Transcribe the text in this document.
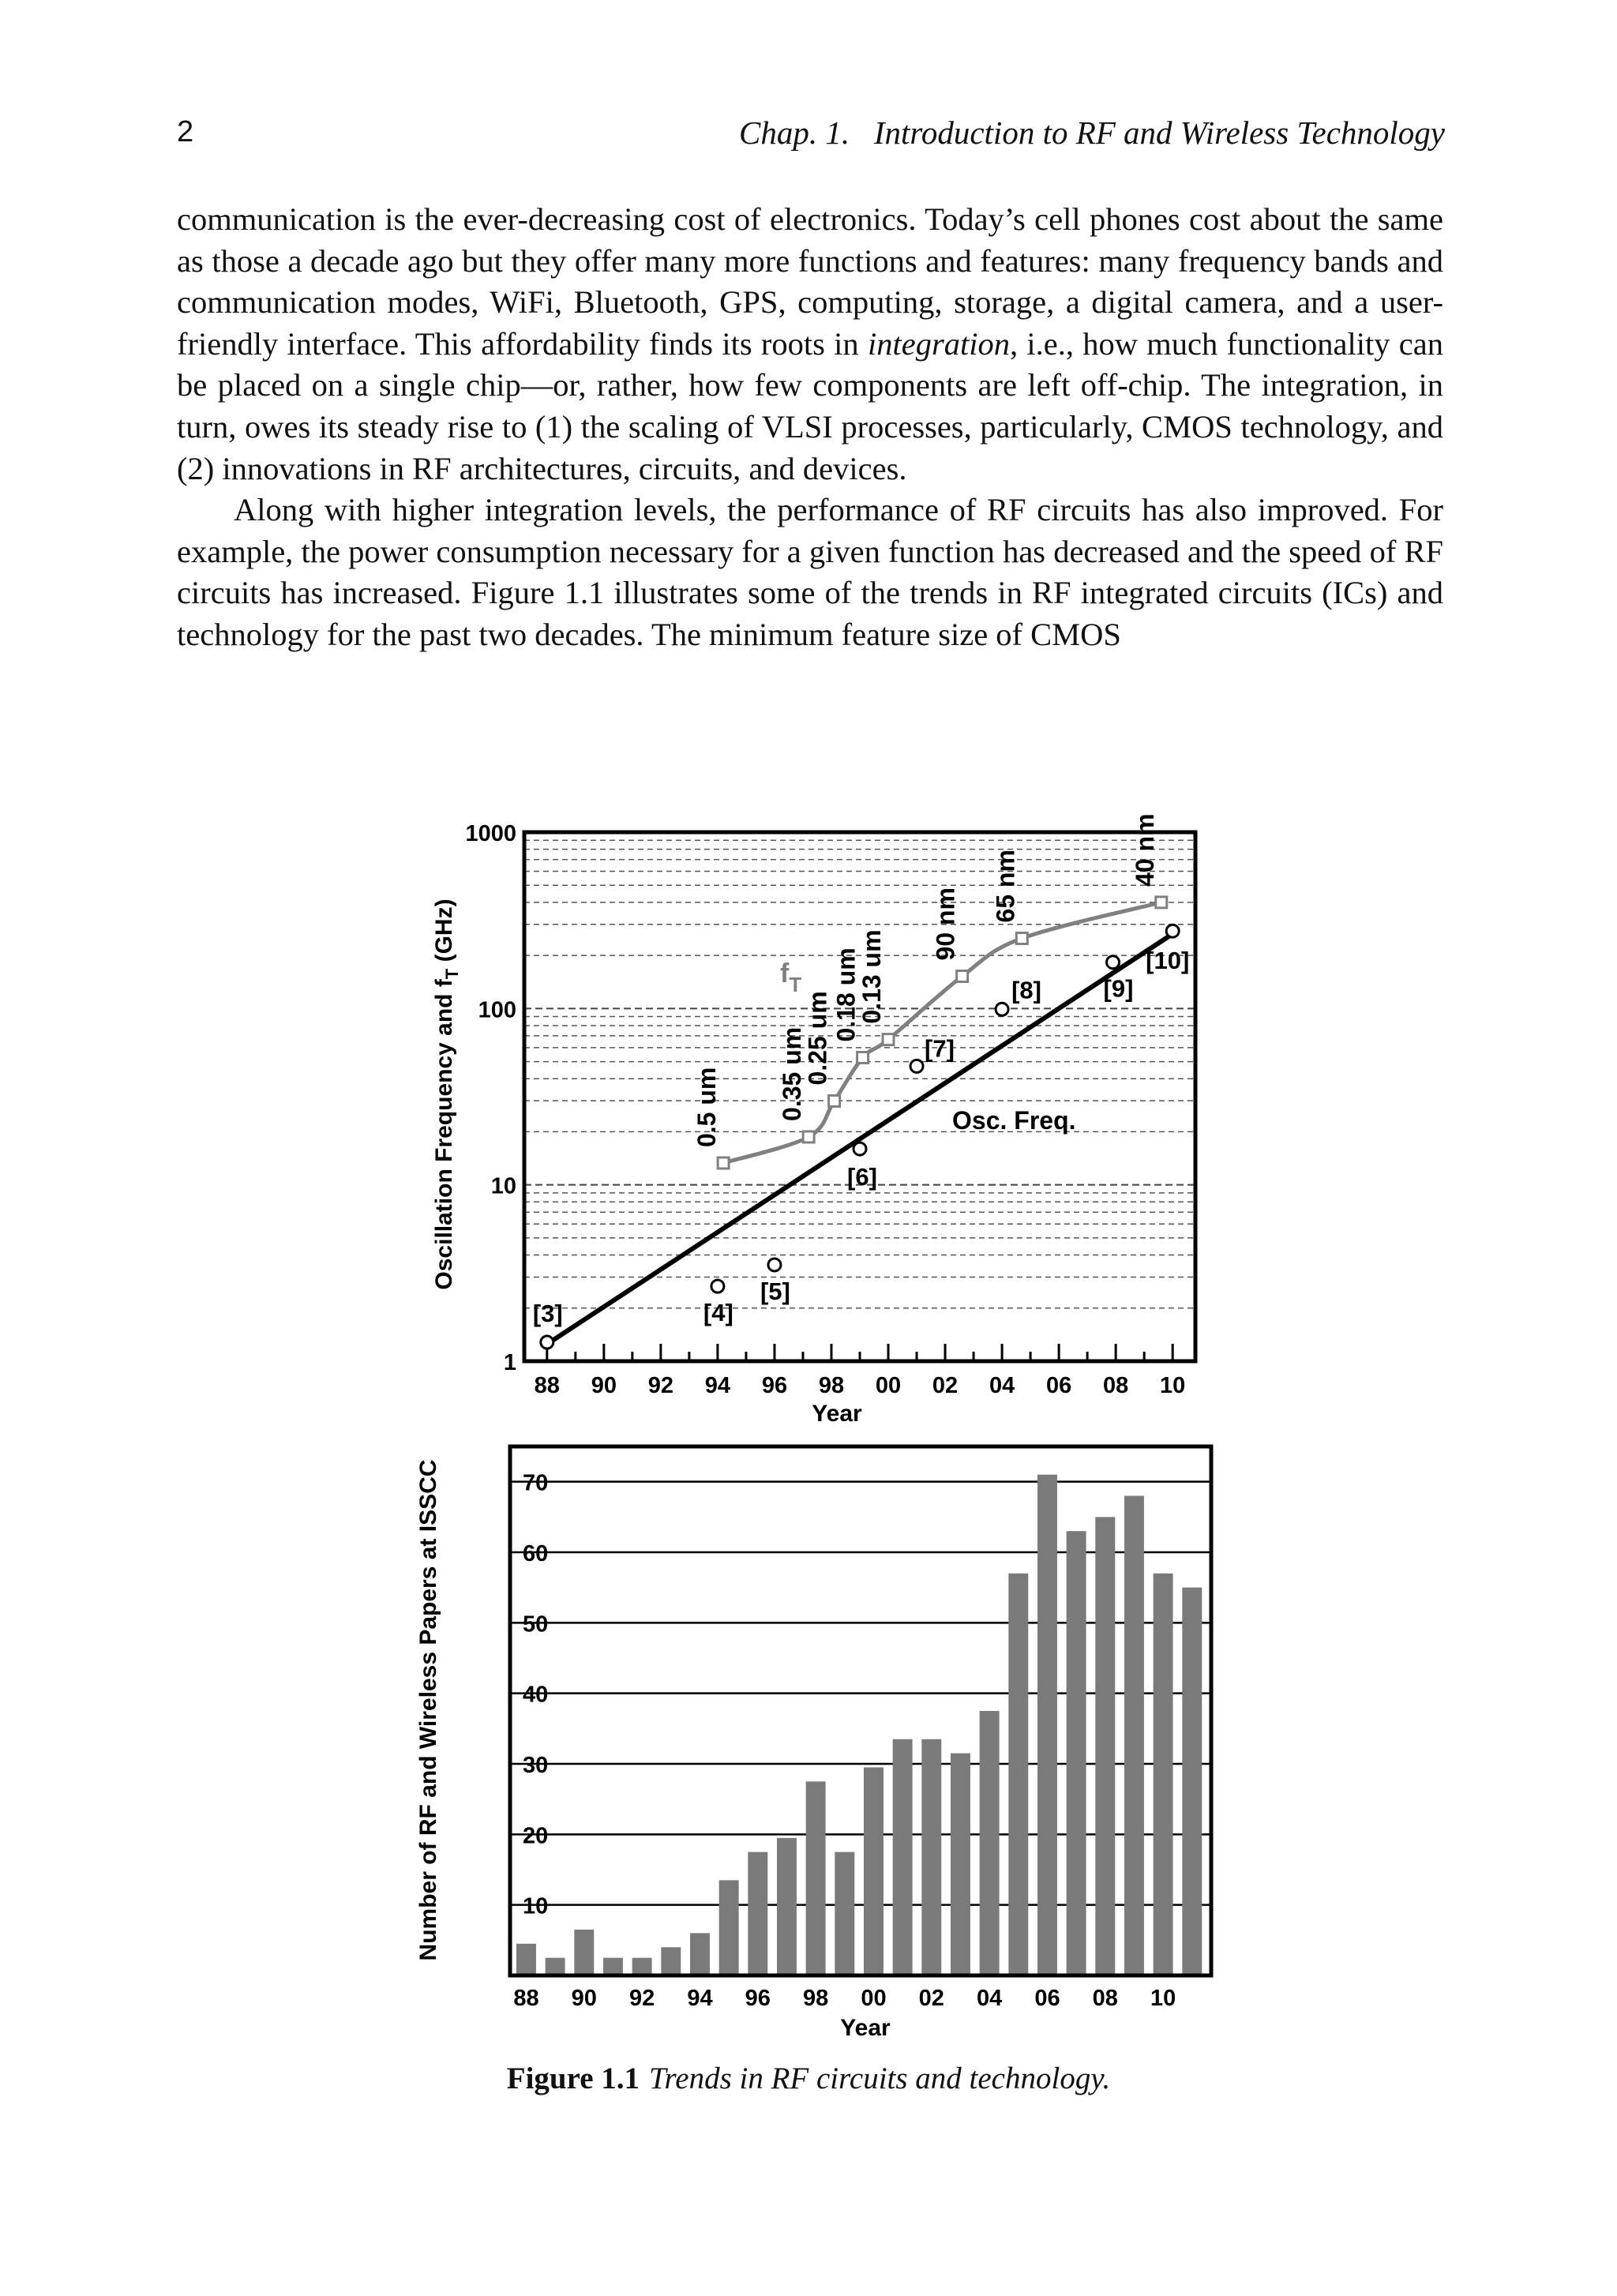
2	Chap. 1.   Introduction to RF and Wireless Technology

communication is the ever-decreasing cost of electronics. Today’s cell phones cost about the same as those a decade ago but they offer many more functions and features: many frequency bands and communication modes, WiFi, Bluetooth, GPS, computing, storage, a digital camera, and a user-friendly interface. This affordability finds its roots in integration, i.e., how much functionality can be placed on a single chip—or, rather, how few components are left off-chip. The integration, in turn, owes its steady rise to (1) the scaling of VLSI processes, particularly, CMOS technology, and (2) innovations in RF architectures, circuits, and devices.

Along with higher integration levels, the performance of RF circuits has also improved. For example, the power consumption necessary for a given function has decreased and the speed of RF circuits has increased. Figure 1.1 illustrates some of the trends in RF integrated circuits (ICs) and technology for the past two decades. The minimum feature size of CMOS

88 90 92 94 96 98 00 02 04 06 08 10
1
10
100
1000
0.5 um 0.35 um
0.25 um 0.18 um
0.13 um
90 nm
65 nm	40 nm
[3]	[4]
[5]
[6]
[7]
[8]	[9]
[10]
Year
Oscillation Frequency and $f_T$ (GHz)
$f_T$
Osc. Freq.
10
20
30
40
50
60
70
88 90 92 94 96 98 00 02 04 06 08 10
Year
Number of RF and Wireless Papers at ISSCC
Figure 1.1 Trends in RF circuits and technology.
